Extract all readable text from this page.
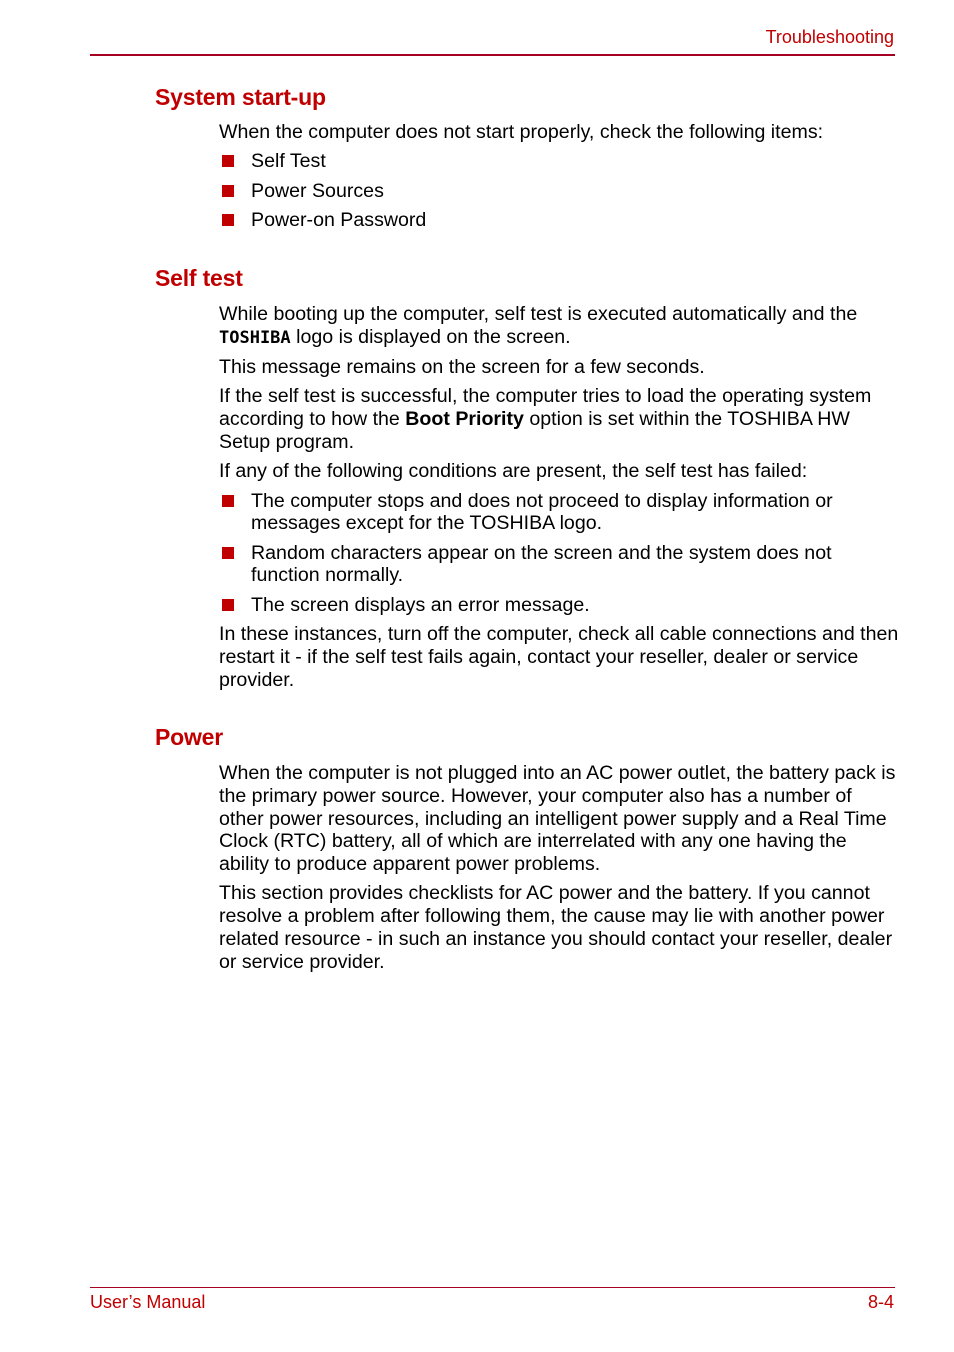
Troubleshooting
System start-up

When the computer does not start properly, check the following items:

Self Test
Power Sources
Power-on Password
Self test

While booting up the computer, self test is executed automatically and the
TOSHIBA logo is displayed on the screen.

This message remains on the screen for a few seconds.

If the self test is successful, the computer tries to load the operating system according to how the Boot Priority option is set within the TOSHIBA HW Setup program.

If any of the following conditions are present, the self test has failed:

The computer stops and does not proceed to display information or messages except for the TOSHIBA logo.
Random characters appear on the screen and the system does not function normally.
The screen displays an error message.

In these instances, turn off the computer, check all cable connections and then restart it - if the self test fails again, contact your reseller, dealer or service provider.

Power

When the computer is not plugged into an AC power outlet, the battery pack is the primary power source. However, your computer also has a number of other power resources, including an intelligent power supply and a Real Time Clock (RTC) battery, all of which are interrelated with any one having the ability to produce apparent power problems.

This section provides checklists for AC power and the battery. If you cannot resolve a problem after following them, the cause may lie with another power related resource - in such an instance you should contact your reseller, dealer or service provider.

User’s Manual	8-4
